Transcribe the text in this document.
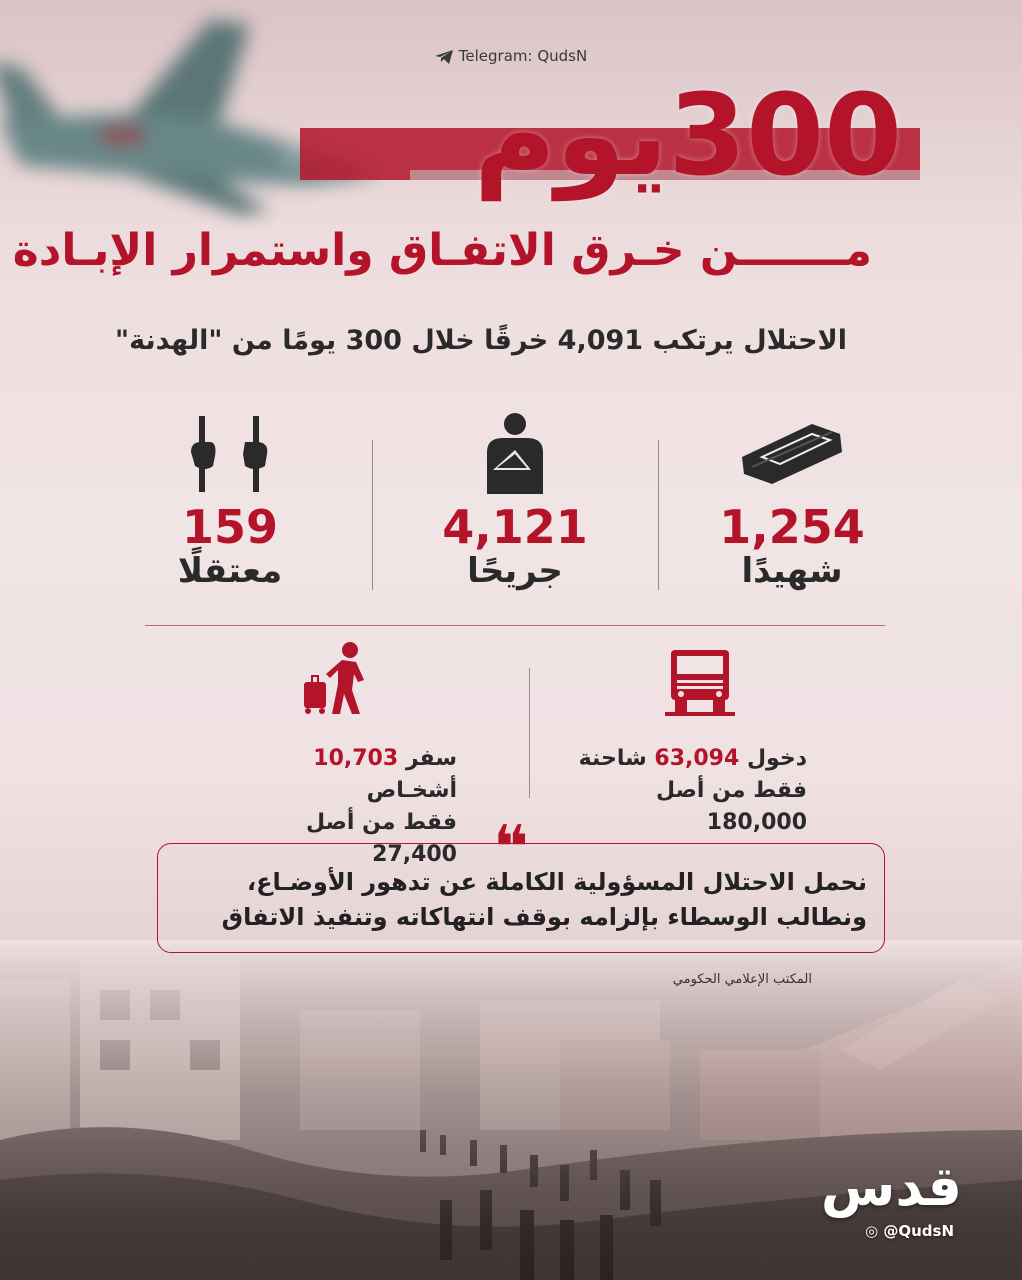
Telegram: QudsN
300يوم
مـــــــن خـرق الاتفـاق واستمرار الإبـادة
الاحتلال يرتكب 4,091 خرقًا خلال 300 يومًا من "الهدنة"
1,254
شهيدًا
4,121
جريحًا
159
معتقلًا
دخول 63,094 شاحنة
فقط من أصل 180,000
سفر 10,703 أشخـاص
فقط من أصل 27,400 ❝
نحمل الاحتلال المسؤولية الكاملة عن تدهور الأوضـاع،
ونطالب الوسطاء بإلزامه بوقف انتهاكاته وتنفيذ الاتفاق
المكتب الإعلامي الحكومي
قدس
◎ @QudsN
